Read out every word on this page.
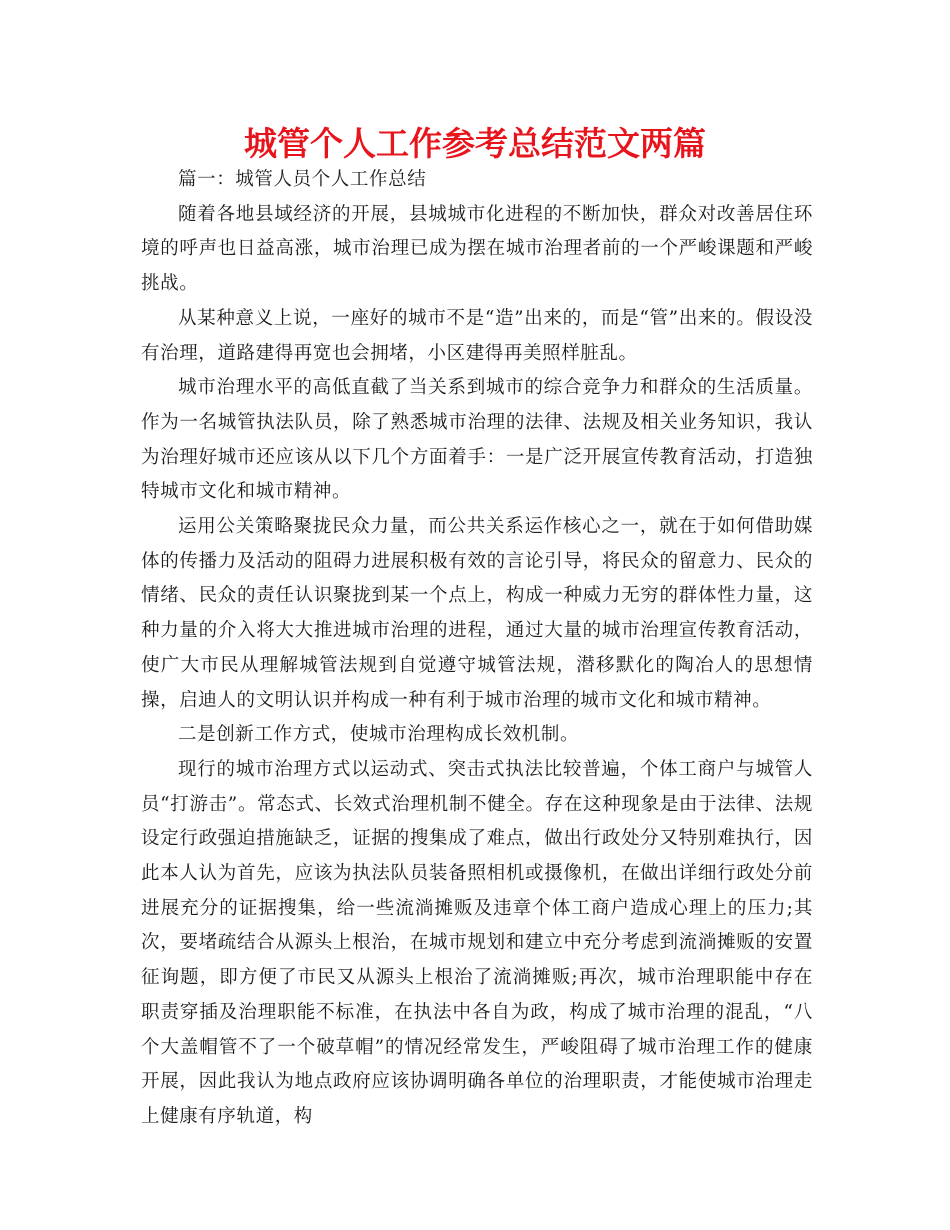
城管个人工作参考总结范文两篇

篇一：城管人员个人工作总结

随着各地县域经济的开展，县城城市化进程的不断加快，群众对改善居住环境的呼声也日益高涨，城市治理已成为摆在城市治理者前的一个严峻课题和严峻挑战。

从某种意义上说，一座好的城市不是“造”出来的，而是“管”出来的。假设没有治理，道路建得再宽也会拥堵，小区建得再美照样脏乱。

城市治理水平的高低直截了当关系到城市的综合竞争力和群众的生活质量。作为一名城管执法队员，除了熟悉城市治理的法律、法规及相关业务知识，我认为治理好城市还应该从以下几个方面着手：一是广泛开展宣传教育活动，打造独特城市文化和城市精神。

运用公关策略聚拢民众力量，而公共关系运作核心之一，就在于如何借助媒体的传播力及活动的阻碍力进展积极有效的言论引导，将民众的留意力、民众的情绪、民众的责任认识聚拢到某一个点上，构成一种威力无穷的群体性力量，这种力量的介入将大大推进城市治理的进程，通过大量的城市治理宣传教育活动，使广大市民从理解城管法规到自觉遵守城管法规，潜移默化的陶冶人的思想情操，启迪人的文明认识并构成一种有利于城市治理的城市文化和城市精神。

二是创新工作方式，使城市治理构成长效机制。

现行的城市治理方式以运动式、突击式执法比较普遍，个体工商户与城管人员“打游击”。常态式、长效式治理机制不健全。存在这种现象是由于法律、法规设定行政强迫措施缺乏，证据的搜集成了难点，做出行政处分又特别难执行，因此本人认为首先，应该为执法队员装备照相机或摄像机，在做出详细行政处分前进展充分的证据搜集，给一些流淌摊贩及违章个体工商户造成心理上的压力;其次，要堵疏结合从源头上根治，在城市规划和建立中充分考虑到流淌摊贩的安置征询题，即方便了市民又从源头上根治了流淌摊贩;再次，城市治理职能中存在职责穿插及治理职能不标准，在执法中各自为政，构成了城市治理的混乱，“八个大盖帽管不了一个破草帽”的情况经常发生，严峻阻碍了城市治理工作的健康开展，因此我认为地点政府应该协调明确各单位的治理职责，才能使城市治理走上健康有序轨道，构
